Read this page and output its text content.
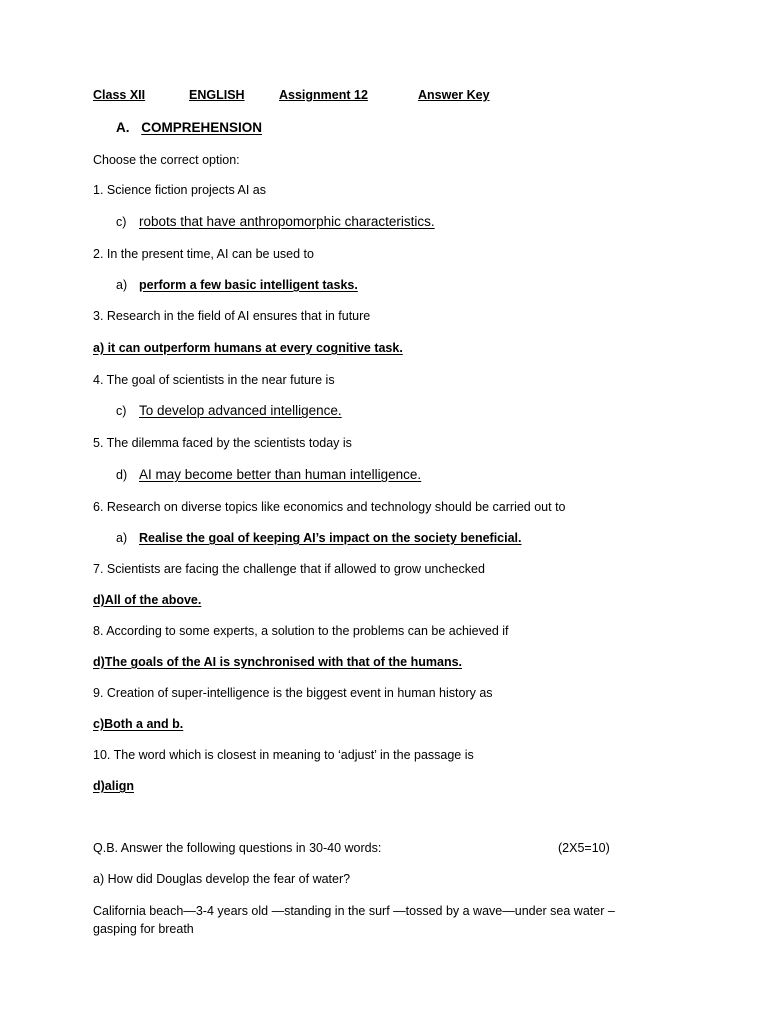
Class XII	ENGLISH	Assignment 12	Answer Key
A. COMPREHENSION
Choose the correct option:
1. Science fiction projects AI as
c) robots that have anthropomorphic characteristics.
2. In the present time, AI can be used to
a) perform a few basic intelligent tasks.
3. Research in the field of AI ensures that in future
a) it can outperform humans at every cognitive task.
4. The goal of scientists in the near future is
c) To develop advanced intelligence.
5. The dilemma faced by the scientists today is
d) AI may become better than human intelligence.
6. Research on diverse topics like economics and technology should be carried out to
a) Realise the goal of keeping AI’s impact on the society beneficial.
7. Scientists are facing the challenge that if allowed to grow unchecked
d)All of the above.
8. According to some experts, a solution to the problems can be achieved if
d)The goals of the AI is synchronised with that of the humans.
9. Creation of super-intelligence is the biggest event in human history as
c)Both a and b.
10. The word which is closest in meaning to ‘adjust’ in the passage is
d)align
Q.B. Answer the following questions in 30-40 words:	(2X5=10)
a) How did Douglas develop the fear of water?
California beach—3-4 years old —standing in the surf —tossed by a wave—under sea water –
gasping for breath
